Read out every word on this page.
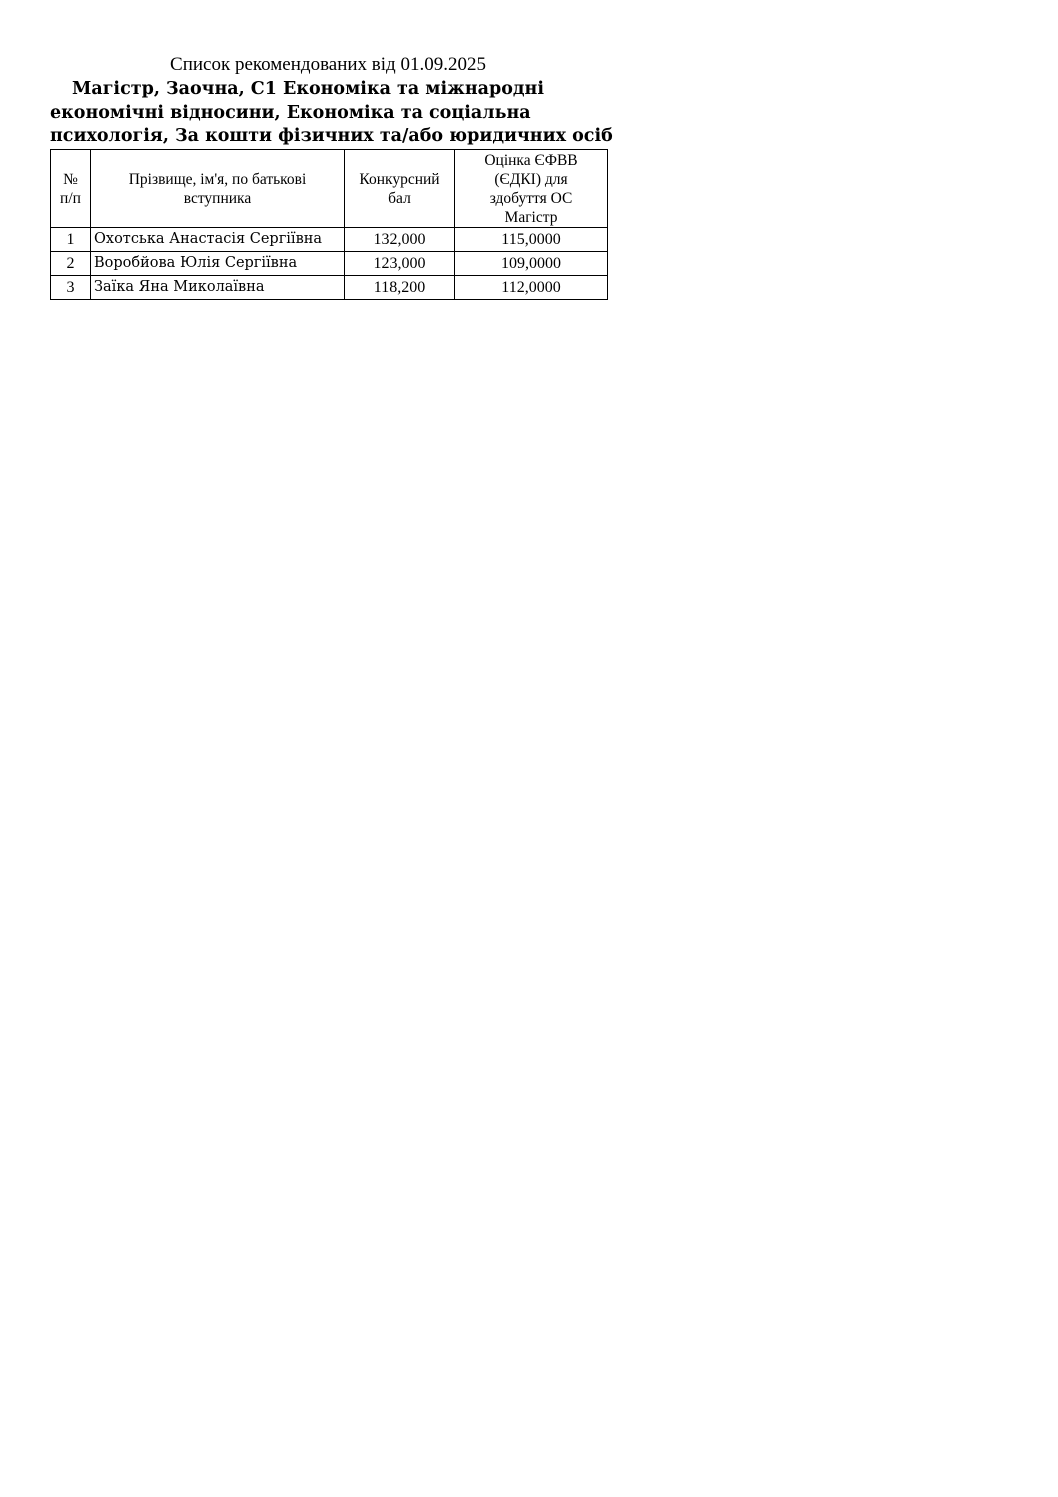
Список рекомендованих від 01.09.2025
Магістр, Заочна, C1 Економіка та міжнародні
економічні відносини, Економіка та соціальна
психологія, За кошти фізичних та/або юридичних осіб
№ п/п	Прізвище, ім'я, по батькові вступника	Конкурсний бал	Оцінка ЄФВВ (ЄДКІ) для здобуття ОС Магістр
1	Охотська Анастасія Сергіївна	132,000	115,0000
2	Воробйова Юлія Сергіївна	123,000	109,0000
3	Заїка Яна Миколаївна	118,200	112,0000
